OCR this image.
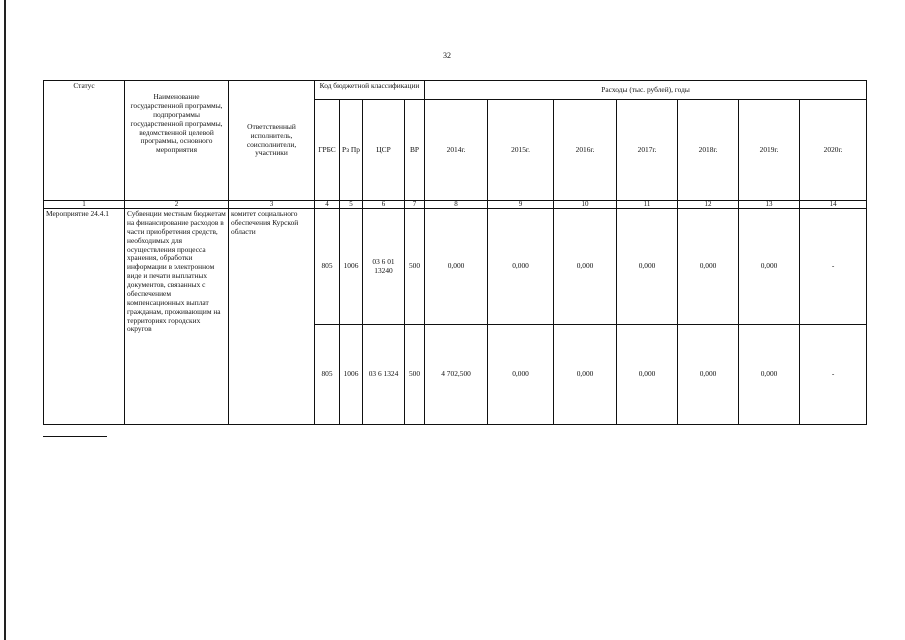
32
Статус	Наименование государственной программы, подпрограммы государственной программы, ведомственной целевой программы, основного мероприятия	Ответственный исполнитель, соисполнители, участники	Код бюджетной классификации				Расходы (тыс. рублей), годы						
			ГРБС	Рз Пр	ЦСР	ВР	2014г.	2015г.	2016г.	2017г.	2018г.	2019г.	2020г.
1	2	3	4	5	6	7	8	9	10	11	12	13	14
Мероприятие 24.4.1	Субвенции местным бюджетам на финансирование расходов в части приобретения средств, необходимых для осуществления процесса хранения, обработки информации в электронном виде и печати выплатных документов, связанных с обеспечением компенсационных выплат гражданам, проживающим на территориях городских округов	комитет социального обеспечения Курской области	805	1006	03 6 01 13240	500	0,000	0,000	0,000	0,000	0,000	0,000	-
			805	1006	03 6 1324	500	4 702,500	0,000	0,000	0,000	0,000	0,000	-
